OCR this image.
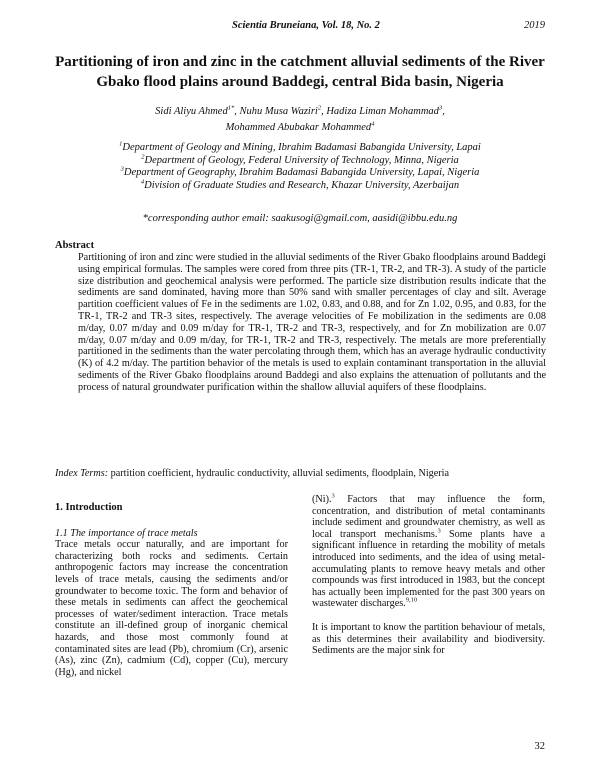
Scientia Bruneiana, Vol. 18, No. 2	2019
Partitioning of iron and zinc in the catchment alluvial sediments of the River Gbako flood plains around Baddegi, central Bida basin, Nigeria
Sidi Aliyu Ahmed$^{1*}$, Nuhu Musa Waziri$^2$, Hadiza Liman Mohammad$^3$,
Mohammed Abubakar Mohammed$^4$
$^1$Department of Geology and Mining, Ibrahim Badamasi Babangida University, Lapai
$^2$Department of Geology, Federal University of Technology, Minna, Nigeria
$^3$Department of Geography, Ibrahim Badamasi Babangida University, Lapai, Nigeria
$^4$Division of Graduate Studies and Research, Khazar University, Azerbaijan
*corresponding author email: saakusogi@gmail.com, aasidi@ibbu.edu.ng
Abstract
Partitioning of iron and zinc were studied in the alluvial sediments of the River Gbako floodplains around Baddegi using empirical formulas. The samples were cored from three pits (TR-1, TR-2, and TR-3). A study of the particle size distribution and geochemical analysis were performed. The particle size distribution results indicate that the sediments are sand dominated, having more than 50% sand with smaller percentages of clay and silt. Average partition coefficient values of Fe in the sediments are 1.02, 0.83, and 0.88, and for Zn 1.02, 0.95, and 0.83, for the TR-1, TR-2 and TR-3 sites, respectively. The average velocities of Fe mobilization in the sediments are 0.08 m/day, 0.07 m/day and 0.09 m/day for TR-1, TR-2 and TR-3, respectively, and for Zn mobilization are 0.07 m/day, 0.07 m/day and 0.09 m/day, for TR-1, TR-2 and TR-3, respectively. The metals are more preferentially partitioned in the sediments than the water percolating through them, which has an average hydraulic conductivity (K) of 4.2 m/day. The partition behavior of the metals is used to explain contaminant transportation in the alluvial sediments of the River Gbako floodplains around Baddegi and also explains the attenuation of pollutants and the process of natural groundwater purification within the shallow alluvial aquifers of these floodplains.
Index Terms: partition coefficient, hydraulic conductivity, alluvial sediments, floodplain, Nigeria
1. Introduction
1.1 The importance of trace metals

Trace metals occur naturally, and are important for characterizing both rocks and sediments. Certain anthropogenic factors may increase the concentration levels of trace metals, causing the sediments and/or groundwater to become toxic. The form and behavior of these metals in sediments can affect the geochemical processes of water/sediment interaction. Trace metals constitute an ill-defined group of inorganic chemical hazards, and those most commonly found at contaminated sites are lead (Pb), chromium (Cr), arsenic (As), zinc (Zn), cadmium (Cd), copper (Cu), mercury (Hg), and nickel

(Ni).$^3$ Factors that may influence the form, concentration, and distribution of metal contaminants include sediment and groundwater chemistry, as well as local transport mechanisms.$^3$ Some plants have a significant influence in retarding the mobility of metals introduced into sediments, and the idea of using metal-accumulating plants to remove heavy metals and other compounds was first introduced in 1983, but the concept has actually been implemented for the past 300 years on wastewater discharges.$^{9,10}$

It is important to know the partition behaviour of metals, as this determines their availability and biodiversity. Sediments are the major sink for

32
